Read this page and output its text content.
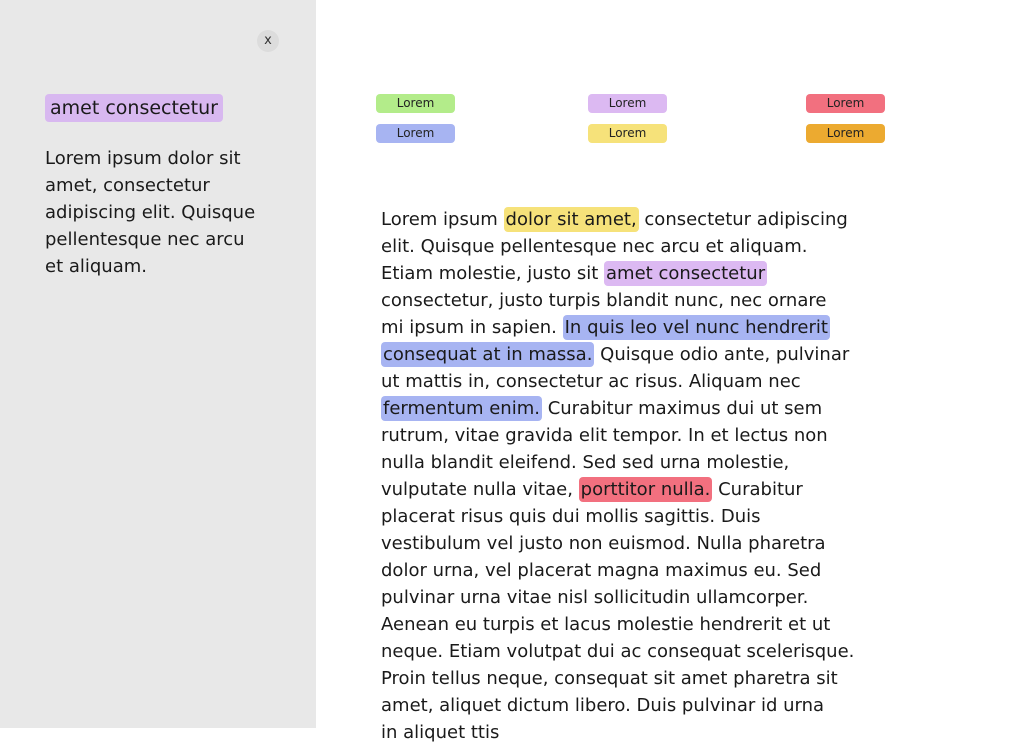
x
amet consectetur

Lorem ipsum dolor sit
amet, consectetur
adipiscing elit. Quisque
pellentesque nec arcu
et aliquam.

Lorem	Lorem	Lorem
Lorem	Lorem	Lorem

Lorem ipsum dolor sit amet, consectetur adipiscing
elit. Quisque pellentesque nec arcu et aliquam.
Etiam molestie, justo sit amet consectetur
consectetur, justo turpis blandit nunc, nec ornare
mi ipsum in sapien. In quis leo vel nunc hendrerit
consequat at in massa. Quisque odio ante, pulvinar
ut mattis in, consectetur ac risus. Aliquam nec
fermentum enim. Curabitur maximus dui ut sem
rutrum, vitae gravida elit tempor. In et lectus non
nulla blandit eleifend. Sed sed urna molestie,
vulputate nulla vitae, porttitor nulla. Curabitur
placerat risus quis dui mollis sagittis. Duis
vestibulum vel justo non euismod. Nulla pharetra
dolor urna, vel placerat magna maximus eu. Sed
pulvinar urna vitae nisl sollicitudin ullamcorper.
Aenean eu turpis et lacus molestie hendrerit et ut
neque. Etiam volutpat dui ac consequat scelerisque.
Proin tellus neque, consequat sit amet pharetra sit
amet, aliquet dictum libero. Duis pulvinar id urna
in aliquet ttis
